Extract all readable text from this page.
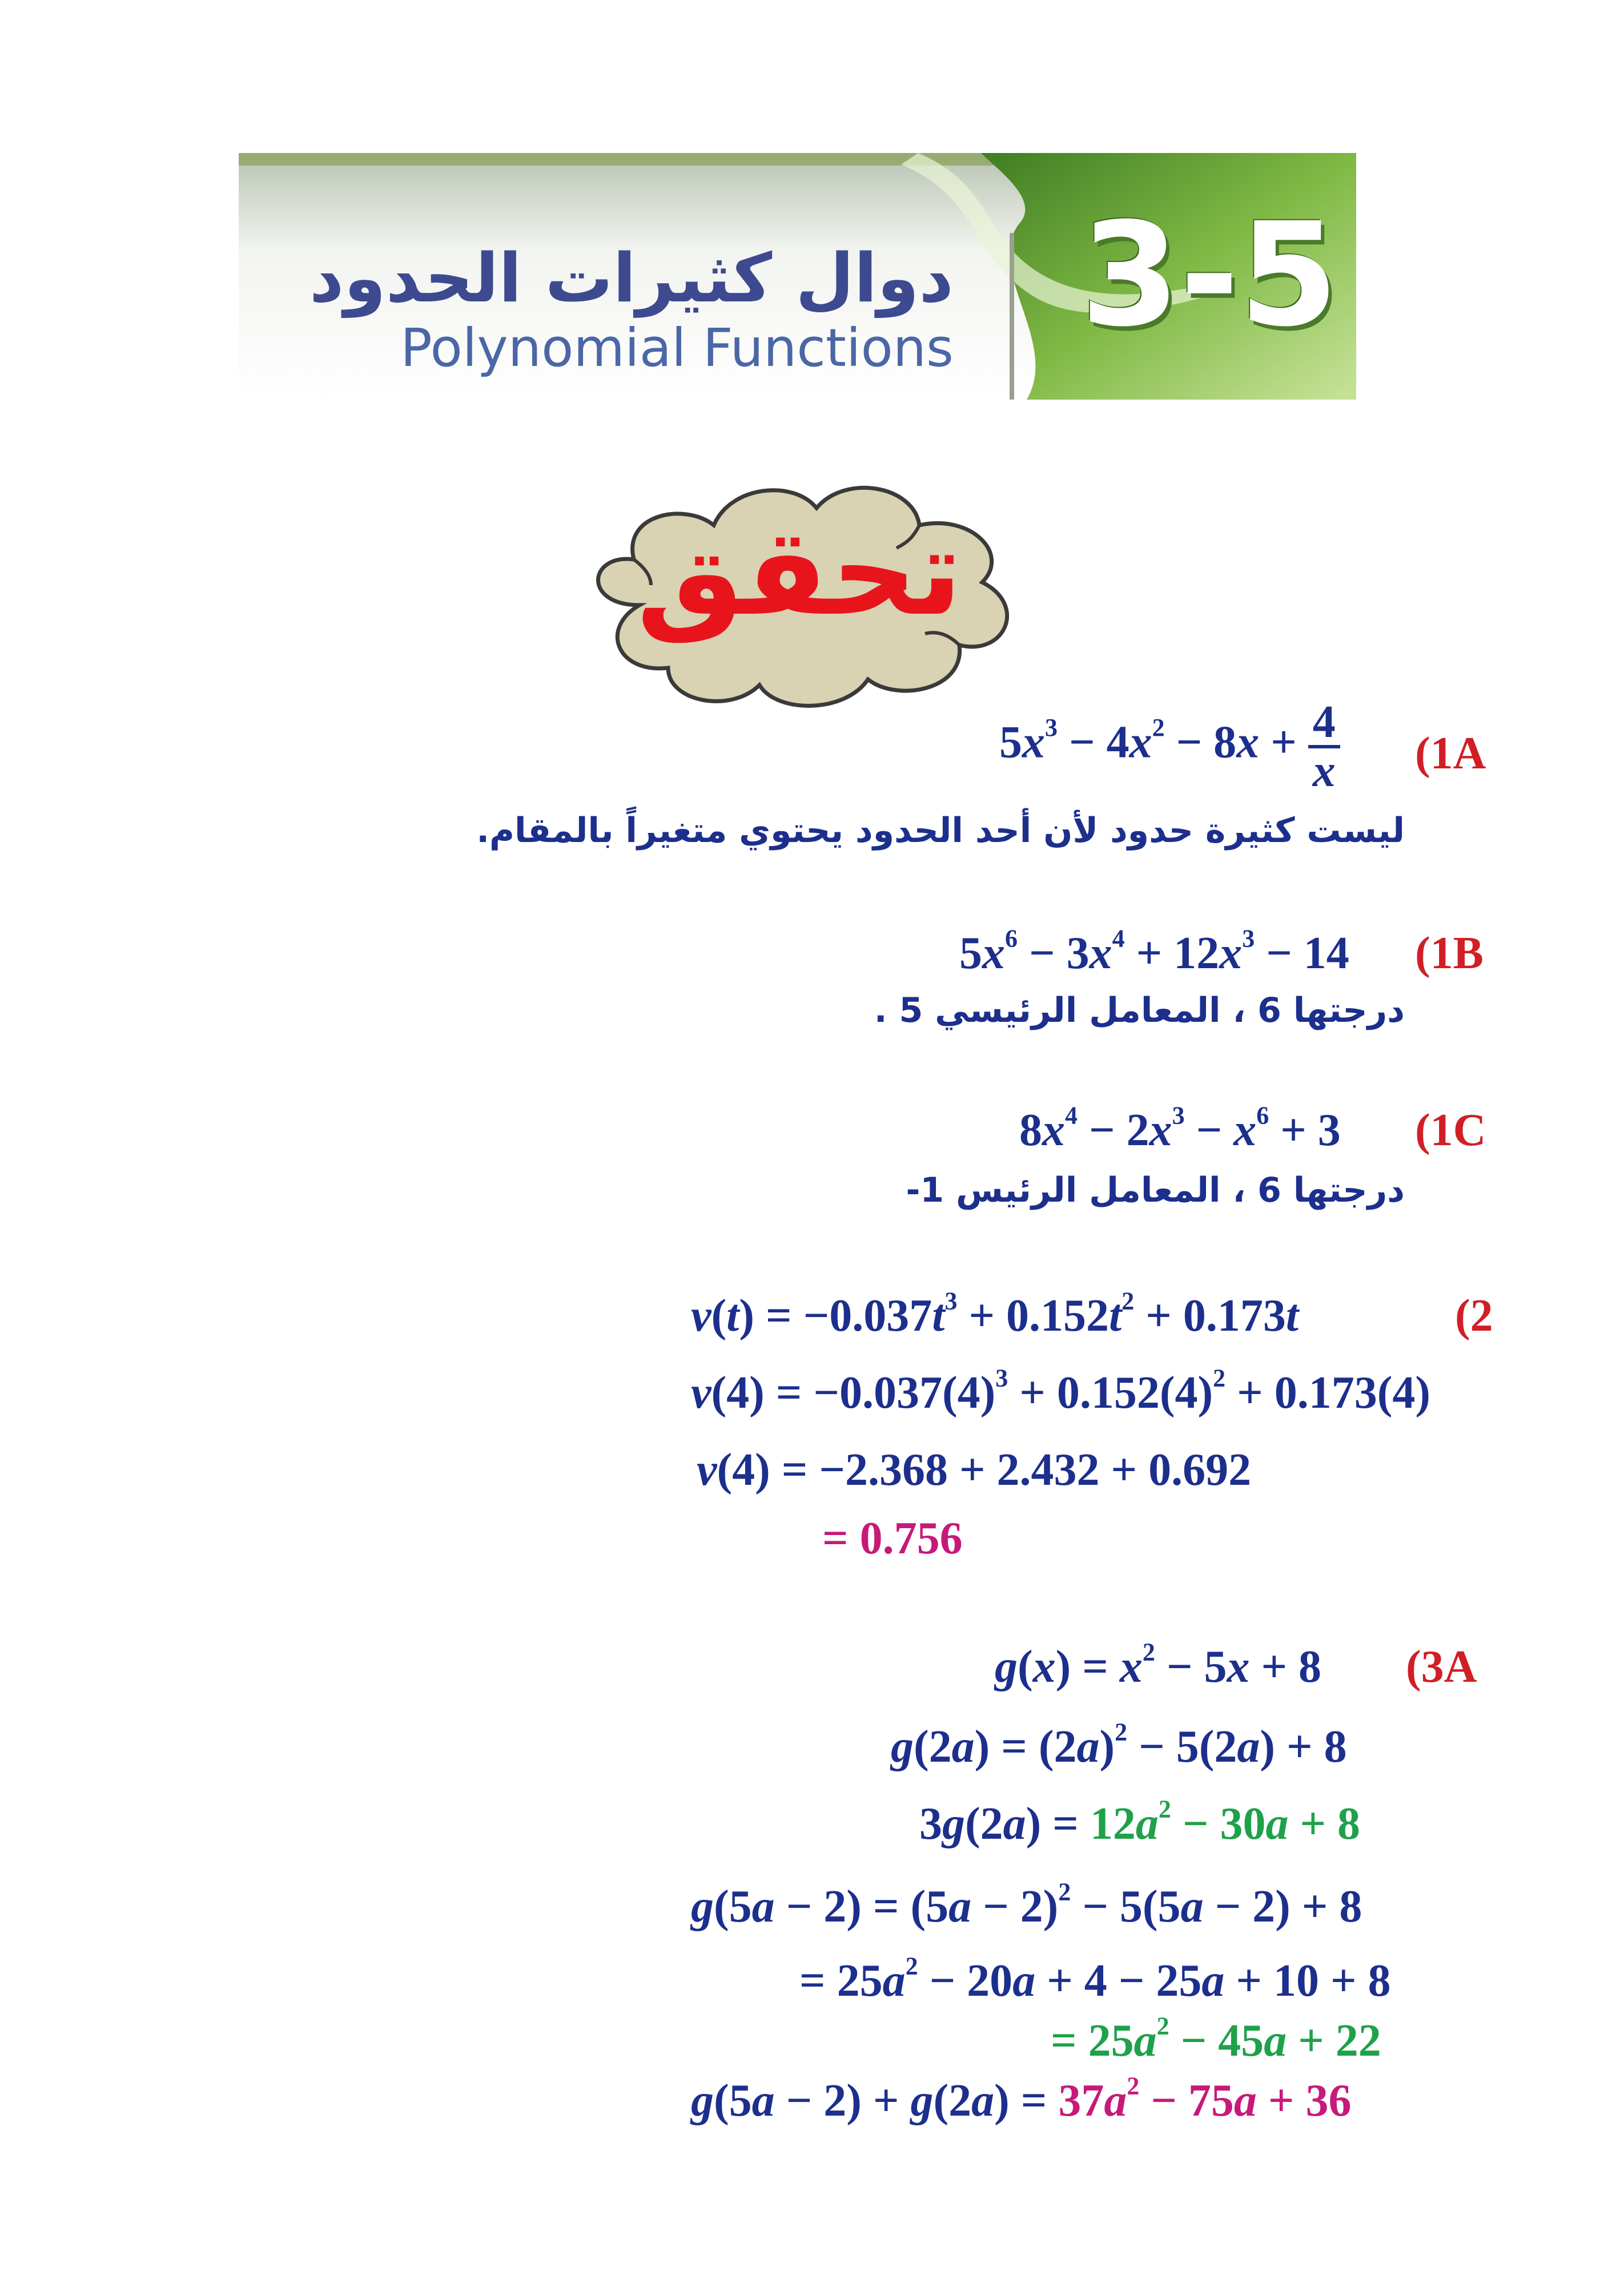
دوال كثيرات الحدود
Polynomial Functions 3-5
تحقق
(1A
$5x^3 - 4x^2 - 8x + \frac{4}{x}$
ليست كثيرة حدود لأن أحد الحدود يحتوي متغيراً بالمقام.
(1B
$5x^6 - 3x^4 + 12x^3 - 14$
درجتها 6 ، المعامل الرئيسي 5 .
(1C
$8x^4 - 2x^3 - x^6 + 3$
درجتها 6 ، المعامل الرئيس 1-
(2
$v(t) = -0.037t^3 + 0.152t^2 + 0.173t$
$v(4) = -0.037(4)^3 + 0.152(4)^2 + 0.173(4)$
v(4) = −2.368 + 2.432 + 0.692
= 0.756
(3A
$g(x) = x^2 - 5x + 8$
$g(2a) = (2a)^2 - 5(2a) + 8$
$3g(2a) = 12a^2 - 30a + 8$
$g(5a - 2) = (5a - 2)^2 - 5(5a - 2) + 8$
= $25a^2 - 20a + 4 - 25a + 10 + 8$
= $25a^2 - 45a + 22$
$g(5a - 2) + g(2a) = 37a^2 - 75a + 36$
